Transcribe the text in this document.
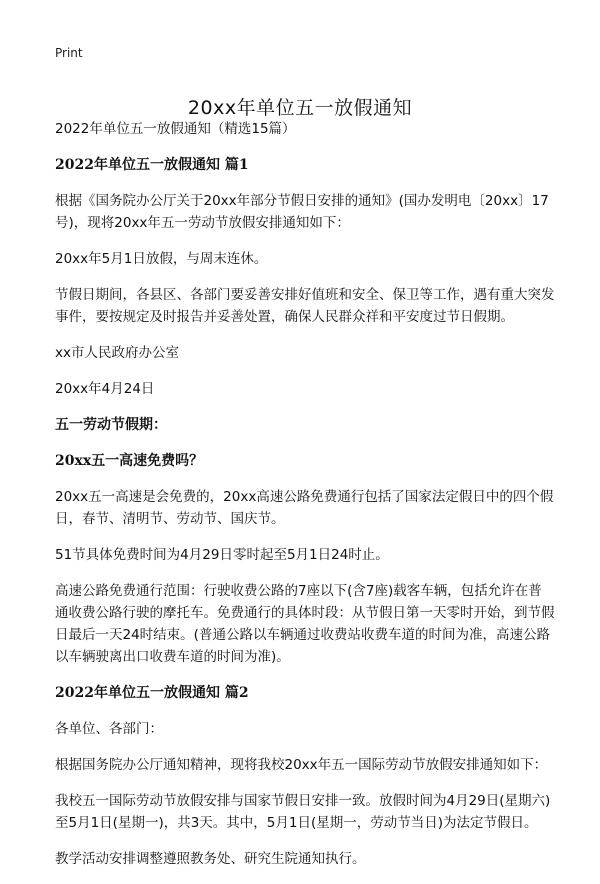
Print
20xx年单位五一放假通知

2022年单位五一放假通知（精选15篇）

2022年单位五一放假通知 篇1

根据《国务院办公厅关于20xx年部分节假日安排的通知》(国办发明电〔20xx〕17号)，现将20xx年五一劳动节放假安排通知如下：

20xx年5月1日放假，与周末连休。

节假日期间，各县区、各部门要妥善安排好值班和安全、保卫等工作，遇有重大突发事件，要按规定及时报告并妥善处置，确保人民群众祥和平安度过节日假期。

xx市人民政府办公室

20xx年4月24日

五一劳动节假期：

20xx五一高速免费吗？

20xx五一高速是会免费的，20xx高速公路免费通行包括了国家法定假日中的四个假日，春节、清明节、劳动节、国庆节。

51节具体免费时间为4月29日零时起至5月1日24时止。

高速公路免费通行范围：行驶收费公路的7座以下(含7座)载客车辆，包括允许在普通收费公路行驶的摩托车。免费通行的具体时段：从节假日第一天零时开始，到节假日最后一天24时结束。(普通公路以车辆通过收费站收费车道的时间为准，高速公路以车辆驶离出口收费车道的时间为准)。

2022年单位五一放假通知 篇2

各单位、各部门：

根据国务院办公厅通知精神，现将我校20xx年五一国际劳动节放假安排通知如下：

我校五一国际劳动节放假安排与国家节假日安排一致。放假时间为4月29日(星期六)至5月1日(星期一)，共3天。其中，5月1日(星期一，劳动节当日)为法定节假日。

教学活动安排调整遵照教务处、研究生院通知执行。
